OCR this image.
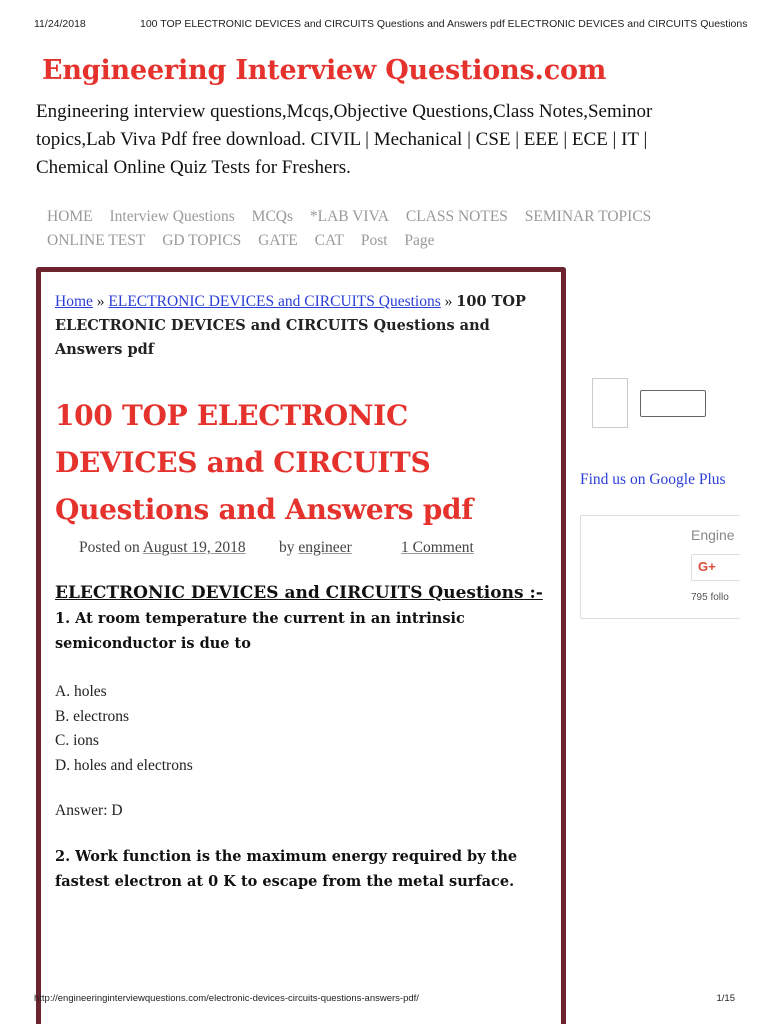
11/24/2018	100 TOP ELECTRONIC DEVICES and CIRCUITS Questions and Answers pdf ELECTRONIC DEVICES and CIRCUITS Questions
Engineering Interview Questions.com
Engineering interview questions,Mcqs,Objective Questions,Class Notes,Seminor topics,Lab Viva Pdf free download. CIVIL | Mechanical | CSE | EEE | ECE | IT | Chemical Online Quiz Tests for Freshers.
HOME Interview Questions MCQs *LAB VIVA CLASS NOTES SEMINAR TOPICS ONLINE TEST GD TOPICS GATE CAT Post Page
Home » ELECTRONIC DEVICES and CIRCUITS Questions » 100 TOP ELECTRONIC DEVICES and CIRCUITS Questions and Answers pdf
100 TOP ELECTRONIC DEVICES and CIRCUITS Questions and Answers pdf
Posted on August 19, 2018 by engineer	1 Comment
ELECTRONIC DEVICES and CIRCUITS Questions :-
1. At room temperature the current in an intrinsic semiconductor is due to
A. holes
B. electrons
C. ions
D. holes and electrons
Answer: D
2. Work function is the maximum energy required by the fastest electron at 0 K to escape from the metal surface.
Find us on Google Plus
Engine
G+
795 follo
http://engineeringinterviewquestions.com/electronic-devices-circuits-questions-answers-pdf/	1/15
